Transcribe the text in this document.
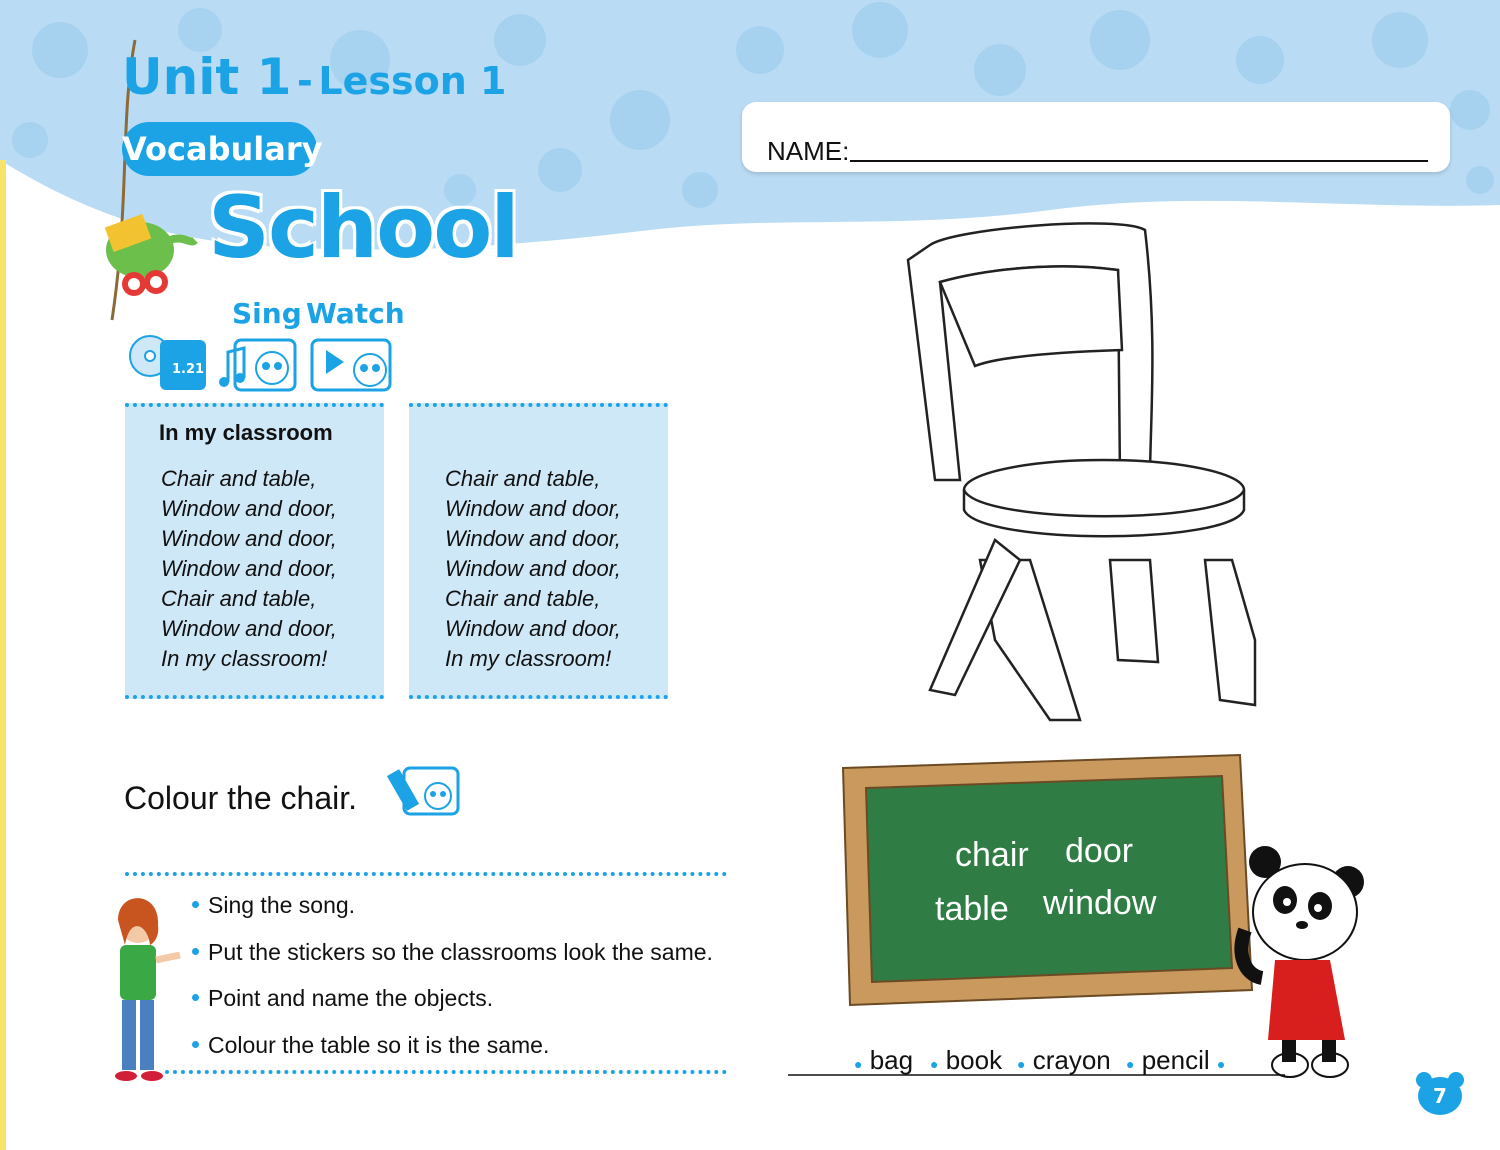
Unit 1 - Lesson 1
Vocabulary
School
Sing Watch
1.21
NAME:
In my classroom
Chair and table,
Window and door,
Window and door,
Window and door,
Chair and table,
Window and door,
In my classroom!
Chair and table,
Window and door,
Window and door,
Window and door,
Chair and table,
Window and door,
In my classroom!
Colour the chair.
Sing the song.
Put the stickers so the classrooms look the same.
Point and name the objects.
Colour the table so it is the same.
chair door
table window
● bag ● book ● crayon ● pencil ●
7
